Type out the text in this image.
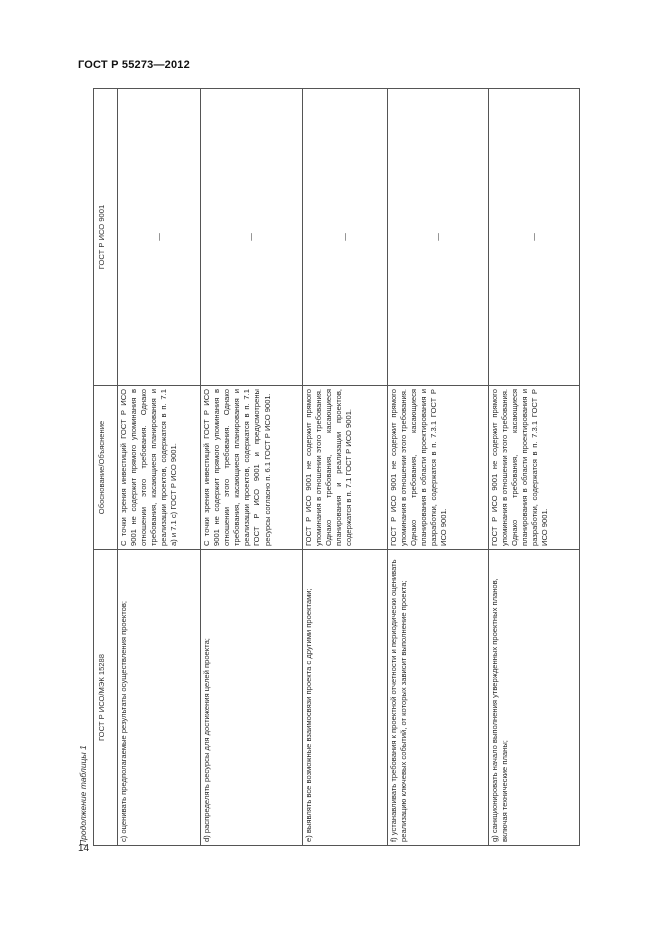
ГОСТ Р 55273—2012
Продолжение таблицы 1
ГОСТ Р ИСО/МЭК 15288	Обоснование/Объяснение	ГОСТ Р ИСО 9001
c) оценивать предполагаемые результаты осуществления проектов;	С точки зрения инвестиций ГОСТ Р ИСО 9001 не содержит прямого упоминания в отношении этого требования. Однако требования, касающиеся планирования и реализации проектов, содержатся в п. 7.1 а) и 7.1 с) ГОСТ Р ИСО 9001.	—
d) распределять ресурсы для достижения целей проекта;	С точки зрения инвестиций ГОСТ Р ИСО 9001 не содержит прямого упоминания в отношении этого требования. Однако требования, касающиеся планирования и реализации проектов, содержатся в п. 7.1 ГОСТ Р ИСО 9001 и предусмотрены ресурсы согласно п. 6.1 ГОСТ Р ИСО 9001.	—
e) выявлять все возможные взаимосвязи проекта с другими проектами;	ГОСТ Р ИСО 9001 не содержит прямого упоминания в отношении этого требования. Однако требования, касающиеся планирования и реализации проектов, содержатся в п. 7.1 ГОСТ Р ИСО 9001.	—
f) устанавливать требования к проектной отчетности и периодически оценивать реализацию ключевых событий, от которых зависит выполнение проекта;	ГОСТ Р ИСО 9001 не содержит прямого упоминания в отношении этого требования. Однако требования, касающиеся планирования в области проектирования и разработки, содержатся в п. 7.3.1 ГОСТ Р ИСО 9001.	—
g) санкционировать начало выполнения утвержденных проектных планов, включая технические планы;	ГОСТ Р ИСО 9001 не содержит прямого упоминания в отношении этого требования. Однако требования, касающиеся планирования в области проектирования и разработки, содержатся в п. 7.3.1 ГОСТ Р ИСО 9001.	—
14
